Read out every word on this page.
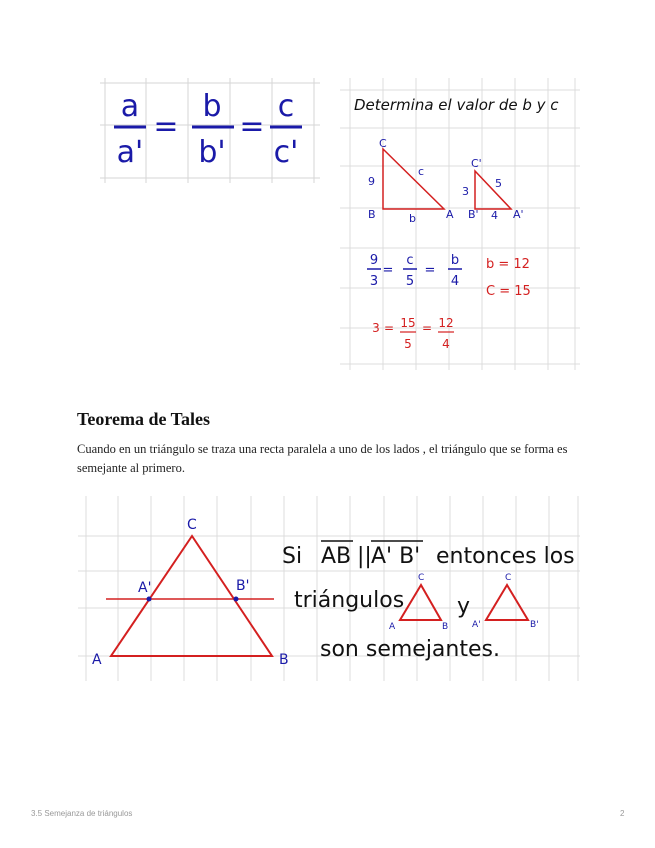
a
a'
=
b
b'
=
c
c'
Determina el valor de b y c
C
B	A
9
b
c
C'
B'	A'
3
4
5
9
3
=
c
5
=
b
4
b = 12
C = 15
3 = 15
5
= 12
4
Teorema de Tales

Cuando en un triángulo se traza una recta paralela a uno de los lados , el triángulo que se forma es semejante al primero.

C
A	B
A'	B'
Si AB || A' B' entonces los
triángulos y
son semejantes.
C
A	B
C
A'	B'
3.5 Semejanza de triángulos	2
